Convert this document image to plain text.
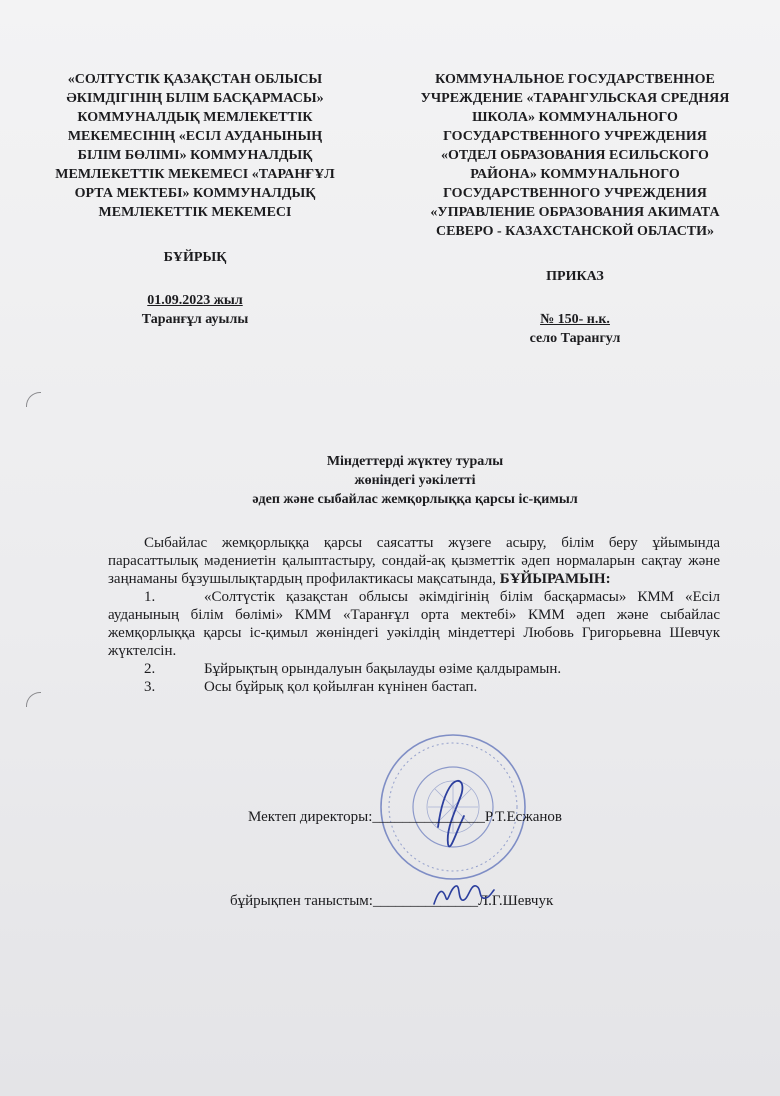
«СОЛТҮСТІК ҚАЗАҚСТАН ОБЛЫСЫ ӘКІМДІГІНІҢ БІЛІМ БАСҚАРМАСЫ» КОММУНАЛДЫҚ МЕМЛЕКЕТТІК МЕКЕМЕСІНІҢ «ЕСІЛ АУДАНЫНЫҢ БІЛІМ БӨЛІМІ» КОММУНАЛДЫҚ МЕМЛЕКЕТТІК МЕКЕМЕСІ «ТАРАНҒҰЛ ОРТА МЕКТЕБІ» КОММУНАЛДЫҚ МЕМЛЕКЕТТІК МЕКЕМЕСІ
БҰЙРЫҚ
01.09.2023 жыл
Таранғұл ауылы
КОММУНАЛЬНОЕ ГОСУДАРСТВЕННОЕ УЧРЕЖДЕНИЕ «ТАРАНГУЛЬСКАЯ СРЕДНЯЯ ШКОЛА» КОММУНАЛЬНОГО ГОСУДАРСТВЕННОГО УЧРЕЖДЕНИЯ «ОТДЕЛ ОБРАЗОВАНИЯ ЕСИЛЬСКОГО РАЙОНА» КОММУНАЛЬНОГО ГОСУДАРСТВЕННОГО УЧРЕЖДЕНИЯ «УПРАВЛЕНИЕ ОБРАЗОВАНИЯ АКИМАТА СЕВЕРО - КАЗАХСТАНСКОЙ ОБЛАСТИ»
ПРИКАЗ
№ 150- н.к.
село Тарангул
Міндеттерді жүктеу туралы
жөніндегі уәкілетті
әдеп және сыбайлас жемқорлыққа қарсы іс-қимыл

Сыбайлас жемқорлыққа қарсы саясатты жүзеге асыру, білім беру ұйымында парасаттылық мәдениетін қалыптастыру, сондай-ақ қызметтік әдеп нормаларын сақтау және заңнаманы бұзушылықтардың профилактикасы мақсатында, БҰЙЫРАМЫН:

1.	«Солтүстік қазақстан облысы әкімдігінің білім басқармасы» КММ «Есіл ауданының білім бөлімі» КММ «Таранғұл орта мектебі» КММ әдеп және сыбайлас жемқорлыққа қарсы іс-қимыл жөніндегі уәкілдің міндеттері Любовь Григорьевна Шевчук жүктелсін.

2.	Бұйрықтың орындалуын бақылауды өзіме қалдырамын.

3.	Осы бұйрық қол қойылған күнінен бастап.

Мектеп директоры:_______________Р.Т.Есжанов
бұйрықпен таныстым:______________Л.Г.Шевчук
